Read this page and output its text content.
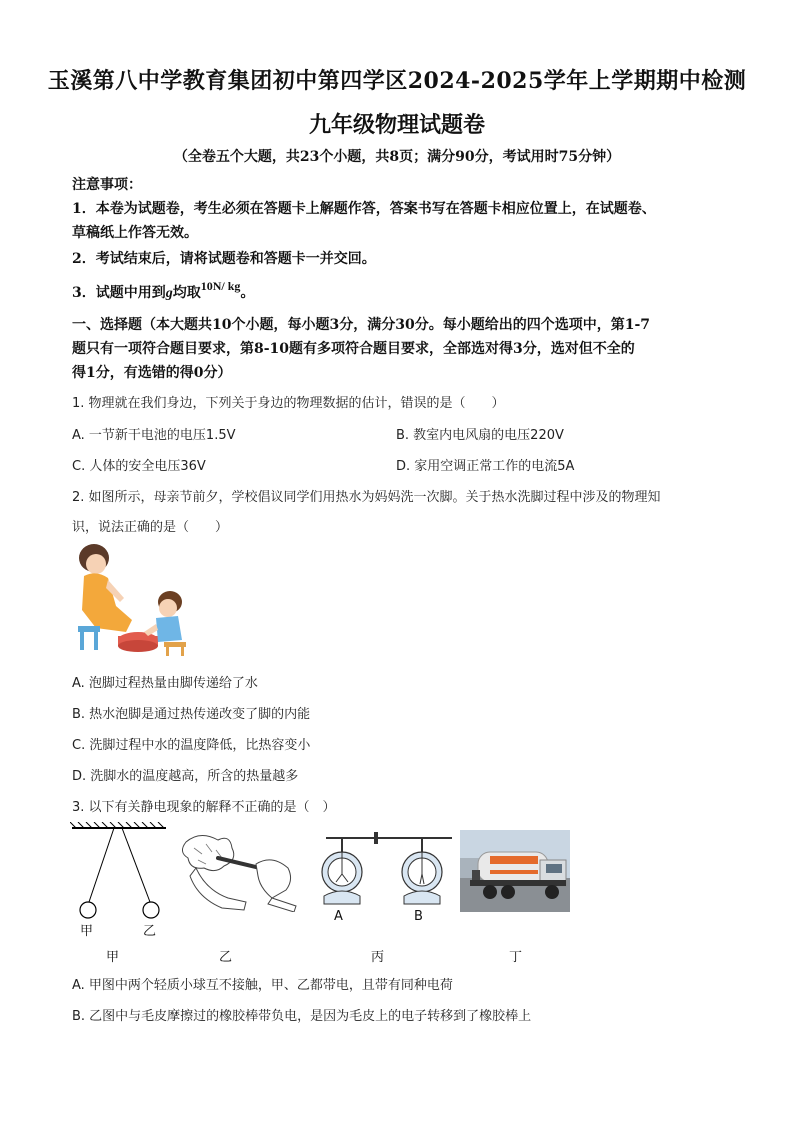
玉溪第八中学教育集团初中第四学区2024-2025学年上学期期中检测
九年级物理试题卷
（全卷五个大题，共23个小题，共8页；满分90分，考试用时75分钟）
注意事项：
1．本卷为试题卷，考生必须在答题卡上解题作答，答案书写在答题卡相应位置上，在试题卷、
草稿纸上作答无效。
2．考试结束后，请将试题卷和答题卡一并交回。
3．试题中用到g均取10N/ kg。
一、选择题（本大题共10个小题，每小题3分，满分30分。每小题给出的四个选项中，第1-7
题只有一项符合题目要求，第8-10题有多项符合题目要求，全部选对得3分，选对但不全的
得1分，有选错的得0分）
1. 物理就在我们身边，下列关于身边的物理数据的估计，错误的是（　　）
A. 一节新干电池的电压1.5V	B. 教室内电风扇的电压220V
C. 人体的安全电压36V	D. 家用空调正常工作的电流5A
2. 如图所示，母亲节前夕，学校倡议同学们用热水为妈妈洗一次脚。关于热水洗脚过程中涉及的物理知
识，说法正确的是（　　）
A. 泡脚过程热量由脚传递给了水
B. 热水泡脚是通过热传递改变了脚的内能
C. 洗脚过程中水的温度降低，比热容变小
D. 洗脚水的温度越高，所含的热量越多
3. 以下有关静电现象的解释不正确的是（　）
甲	乙
A	B
甲	乙	丙	丁
A. 甲图中两个轻质小球互不接触，甲、乙都带电，且带有同种电荷
B. 乙图中与毛皮摩擦过的橡胶棒带负电，是因为毛皮上的电子转移到了橡胶棒上
